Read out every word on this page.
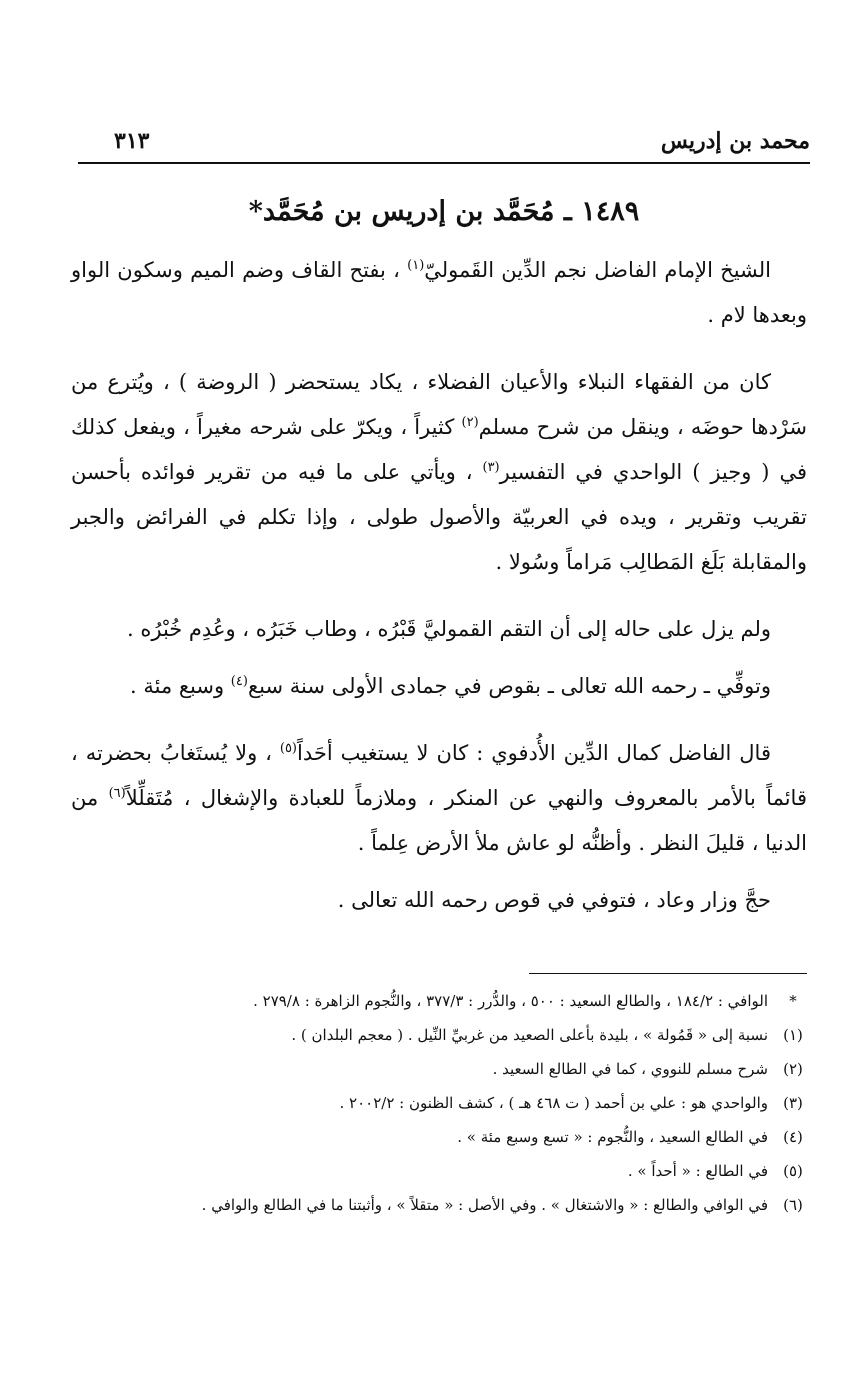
محمد بن إدريس
٣١٣
١٤٨٩ ـ مُحَمَّد بن إدريس بن مُحَمَّد*

الشيخ الإمام الفاضل نجم الدِّين القَموليّ$^{(١)}$ ، بفتح القاف وضم الميم وسكون الواو وبعدها لام .

كان من الفقهاء النبلاء والأعيان الفضلاء ، يكاد يستحضر ( الروضة ) ، ويُترع من سَرْدها حوضَه ، وينقل من شرح مسلم$^{(٢)}$ كثيراً ، ويكرّ على شرحه مغيراً ، ويفعل كذلك في ( وجيز ) الواحدي في التفسير$^{(٣)}$ ، ويأتي على ما فيه من تقرير فوائده بأحسن تقريب وتقرير ، ويده في العربيّة والأصول طولى ، وإذا تكلم في الفرائض والجبر والمقابلة بَلَغ المَطالِب مَراماً وسُولا .

ولم يزل على حاله إلى أن التقم القموليَّ قَبْرُه ، وطاب خَبَرُه ، وعُدِم خُبْرُه .

وتوفِّي ـ رحمه الله تعالى ـ بقوص في جمادى الأولى سنة سبع$^{(٤)}$ وسبع مئة .

قال الفاضل كمال الدِّين الأُدفوي : كان لا يستغيب أحَداً$^{(٥)}$ ، ولا يُستَغابُ بحضرته ، قائماً بالأمر بالمعروف والنهي عن المنكر ، وملازماً للعبادة والإشغال ، مُتَقلِّلاً$^{(٦)}$ من الدنيا ، قليلَ النظر . وأظنُّه لو عاش ملأ الأرض عِلماً .

حجَّ وزار وعاد ، فتوفي في قوص رحمه الله تعالى .

*
الوافي : ١٨٤/٢ ، والطالع السعيد : ٥٠٠ ، والدُّرر : ٣٧٧/٣ ، والنُّجوم الزاهرة : ٢٧٩/٨ .
(١)
نسبة إلى « قَمُولة » ، بليدة بأعلى الصعيد من غربيِّ النِّيل . ( معجم البلدان ) .
(٢)
شرح مسلم للنووي ، كما في الطالع السعيد .
(٣)
والواحدي هو : علي بن أحمد ( ت ٤٦٨ هـ ) ، كشف الظنون : ٢٠٠٢/٢ .
(٤)
في الطالع السعيد ، والنُّجوم : « تسع وسبع مئة » .
(٥)
في الطالع : « أحداً » .
(٦)
في الوافي والطالع : « والاشتغال » . وفي الأصل : « متقلاً » ، وأثبتنا ما في الطالع والوافي .
